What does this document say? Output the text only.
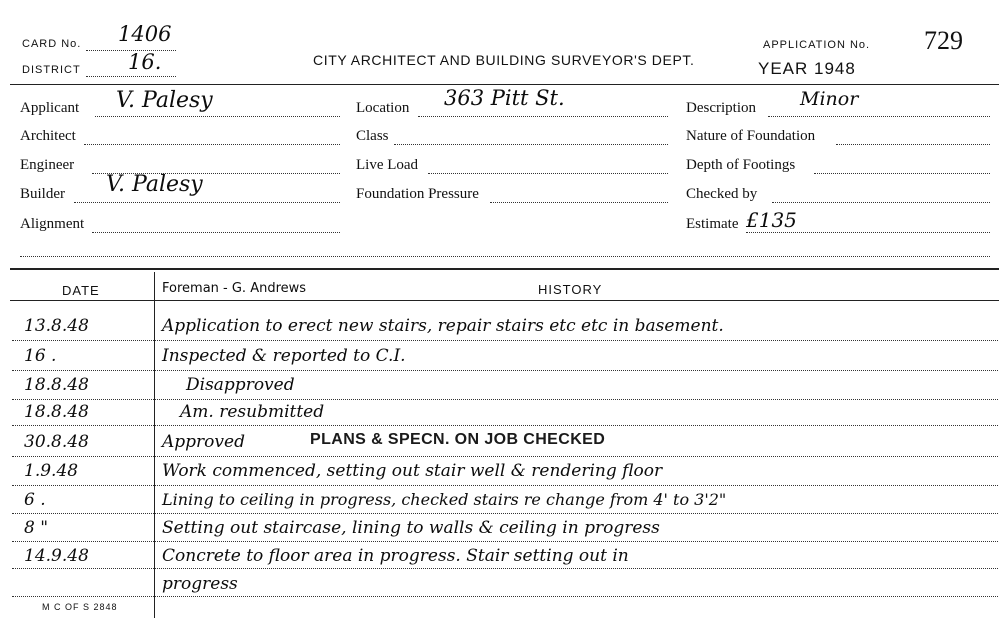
CARD No. 1406
DISTRICT 16.	CITY ARCHITECT AND BUILDING SURVEYOR'S DEPT.
APPLICATION No. 729
YEAR 1948
Applicant V. Palesy
Architect
Engineer
Builder V. Palesy
Alignment
Location 363 Pitt St.
Class
Live Load
Foundation Pressure
Description Minor
Nature of Foundation
Depth of Footings
Checked by
Estimate £135
DATE	Foreman - G. Andrews	HISTORY
13.8.48	Application to erect new stairs, repair stairs etc etc in basement.
16 .	Inspected & reported to C.I.
18.8.48	Disapproved
18.8.48	Am. resubmitted
30.8.48	Approved	PLANS & SPECN. ON JOB CHECKED
1.9.48	Work commenced, setting out stair well & rendering floor
6 .	Lining to ceiling in progress, checked stairs re change from 4' to 3'2"
8 "	Setting out staircase, lining to walls & ceiling in progress
14.9.48	Concrete to floor area in progress. Stair setting out in
progress
M C OF S 2848
